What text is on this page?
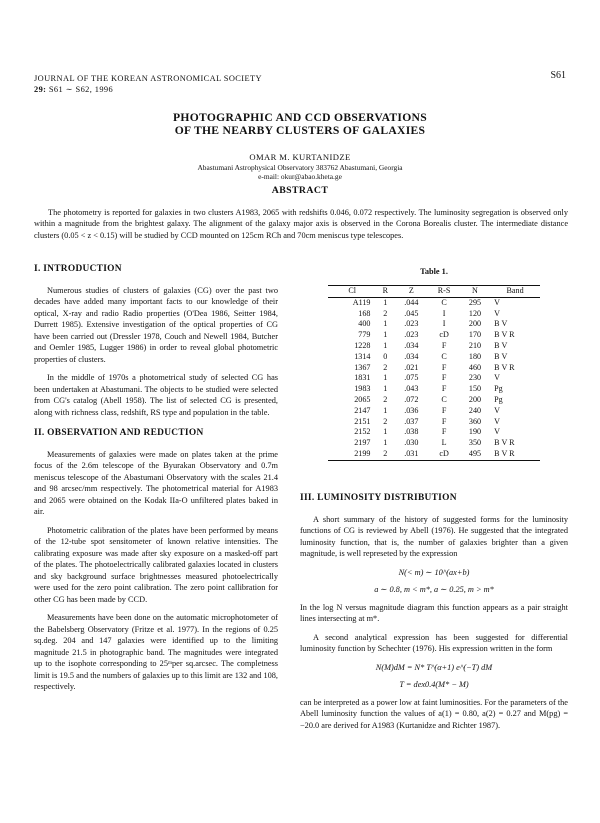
JOURNAL OF THE KOREAN ASTRONOMICAL SOCIETY
29: S61 ∼ S62, 1996
S61
PHOTOGRAPHIC AND CCD OBSERVATIONS
OF THE NEARBY CLUSTERS OF GALAXIES
OMAR M. KURTANIDZE
Abastumani Astrophysical Observatory 383762 Abastumani, Georgia
e-mail: okur@abao.kheta.ge
ABSTRACT

The photometry is reported for galaxies in two clusters A1983, 2065 with redshifts 0.046, 0.072 respectively. The luminosity segregation is observed only within a magnitude from the brightest galaxy. The alignment of the galaxy major axis is observed in the Corona Borealis cluster. The intermediate distance clusters (0.05 < z < 0.15) will be studied by CCD mounted on 125cm RCh and 70cm meniscus type telescopes.

I. INTRODUCTION

Numerous studies of clusters of galaxies (CG) over the past two decades have added many important facts to our knowledge of their optical, X-ray and radio Radio properties (O'Dea 1986, Seitter 1984, Durrett 1985). Extensive investigation of the optical properties of CG have been carried out (Dressler 1978, Couch and Newell 1984, Butcher and Oemler 1985, Lugger 1986) in order to reveal global photometric properties of clusters.

In the middle of 1970s a photometrical study of selected CG has been undertaken at Abastumani. The objects to be studied were selected from CG's catalog (Abell 1958). The list of selected CG is presented, along with richness class, redshift, RS type and population in the table.

II. OBSERVATION AND REDUCTION

Measurements of galaxies were made on plates taken at the prime focus of the 2.6m telescope of the Byurakan Observatory and 0.7m meniscus telescope of the Abastumani Observatory with the scales 21.4 and 98 arcsec/mm respectively. The photometrical material for A1983 and 2065 were obtained on the Kodak IIa-O unfiltered plates baked in air.

Photometric calibration of the plates have been performed by means of the 12-tube spot sensitometer of known relative intensities. The calibrating exposure was made after sky exposure on a masked-off part of the plates. The photoelectrically calibrated galaxies located in clusters and sky background surface brightnesses measured photoelectrically were used for the zero point calibration. The zero point callibration for other CG has been made by CCD.

Measurements have been done on the automatic microphotometer of the Babelsberg Observatory (Fritze et al. 1977). In the regions of 0.25 sq.deg. 204 and 147 galaxies were identified up to the limiting magnitude 21.5 in photographic band. The magnitudes were integrated up to the isophote corresponding to 25ᵐper sq.arcsec. The completness limit is 19.5 and the numbers of galaxies up to this limit are 132 and 108, respectively.

Table 1.
Cl	R	Z	R-S	N	Band
A119	1	.044	C	295	V
168	2	.045	I	120	V
400	1	.023	I	200	B V
779	1	.023	cD	170	B V R
1228	1	.034	F	210	B V
1314	0	.034	C	180	B V
1367	2	.021	F	460	B V R
1831	1	.075	F	230	V
1983	1	.043	F	150	Pg
2065	2	.072	C	200	Pg
2147	1	.036	F	240	V
2151	2	.037	F	360	V
2152	1	.038	F	190	V
2197	1	.030	L	350	B V R
2199	2	.031	cD	495	B V R

III. LUMINOSITY DISTRIBUTION

A short summary of the history of suggested forms for the luminosity functions of CG is reviewed by Abell (1976). He suggested that the integrated luminosity function, that is, the number of galaxies brighter than a given magnitude, is well represeted by the expression

N(< m) ∼ 10^(ax+b)

a ∼ 0.8, m < m*, a ∼ 0.25, m > m*

In the log N versus magnitude diagram this function appears as a pair straight lines intersecting at m*.

A second analytical expression has been suggested for differential luminosity function by Schechter (1976). His expression written in the form

N(M)dM = N* T^(α+1) e^(−T) dM

T = dex0.4(M* − M)

can be interpreted as a power low at faint luminosities. For the parameters of the Abell luminosity function the values of a(1) = 0.80, a(2) = 0.27 and M(pg) = −20.0 are derived for A1983 (Kurtanidze and Richter 1987).
